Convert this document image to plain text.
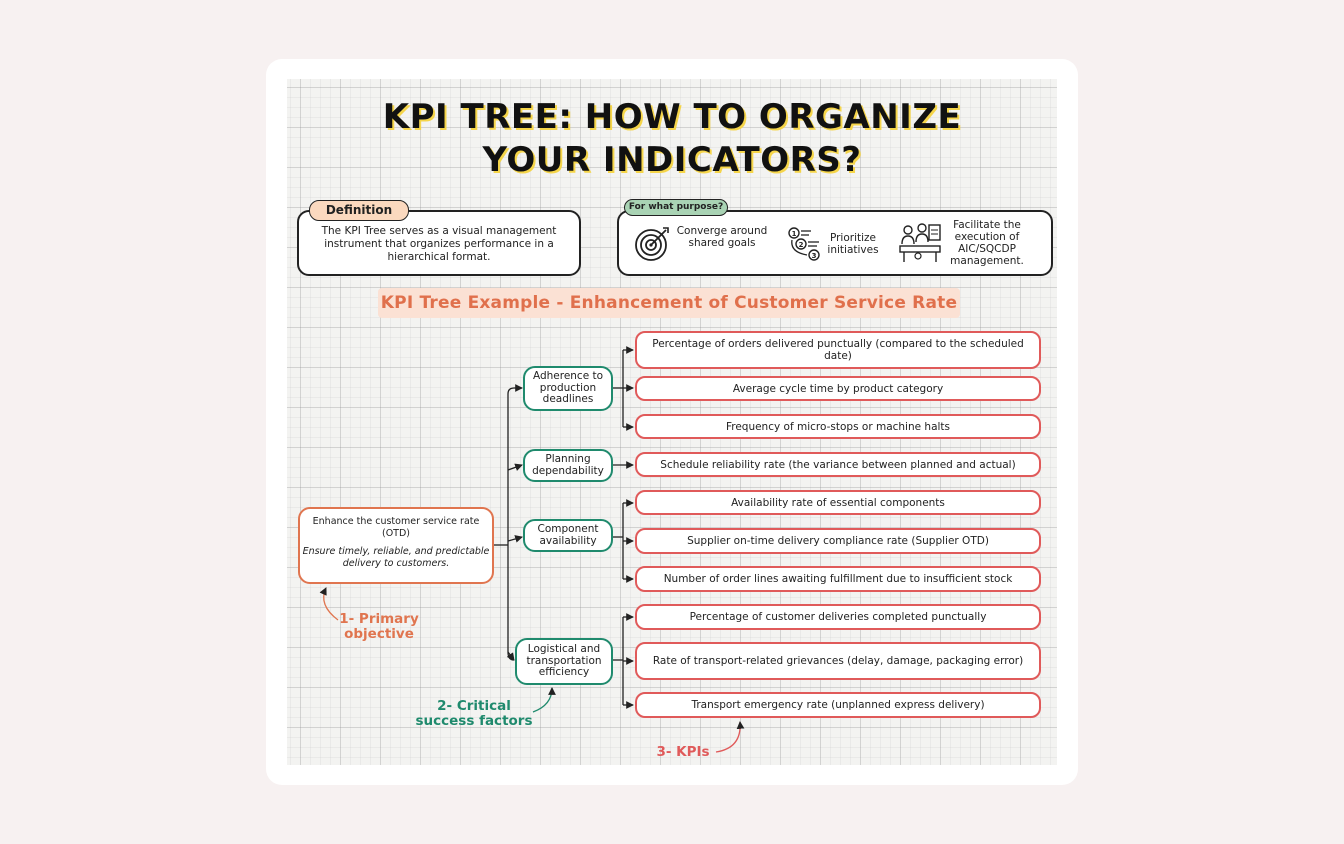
KPI TREE: HOW TO ORGANIZE
YOUR INDICATORS?
Definition
The KPI Tree serves as a visual management instrument that organizes performance in a hierarchical format.
For what purpose?
Converge around shared goals
1
2
3
Prioritize initiatives
Facilitate the execution of AIC/SQCDP management.
KPI Tree Example - Enhancement of Customer Service Rate
Enhance the customer service rate (OTD)
Ensure timely, reliable, and predictable delivery to customers.
Adherence to production deadlines
Planning dependability
Component availability
Logistical and transportation efficiency
Percentage of orders delivered punctually (compared to the scheduled date)
Average cycle time by product category
Frequency of micro-stops or machine halts
Schedule reliability rate (the variance between planned and actual)
Availability rate of essential components
Supplier on-time delivery compliance rate (Supplier OTD)
Number of order lines awaiting fulfillment due to insufficient stock
Percentage of customer deliveries completed punctually
Rate of transport-related grievances (delay, damage, packaging error)
Transport emergency rate (unplanned express delivery)
1- Primary objective
2- Critical success factors
3- KPIs
